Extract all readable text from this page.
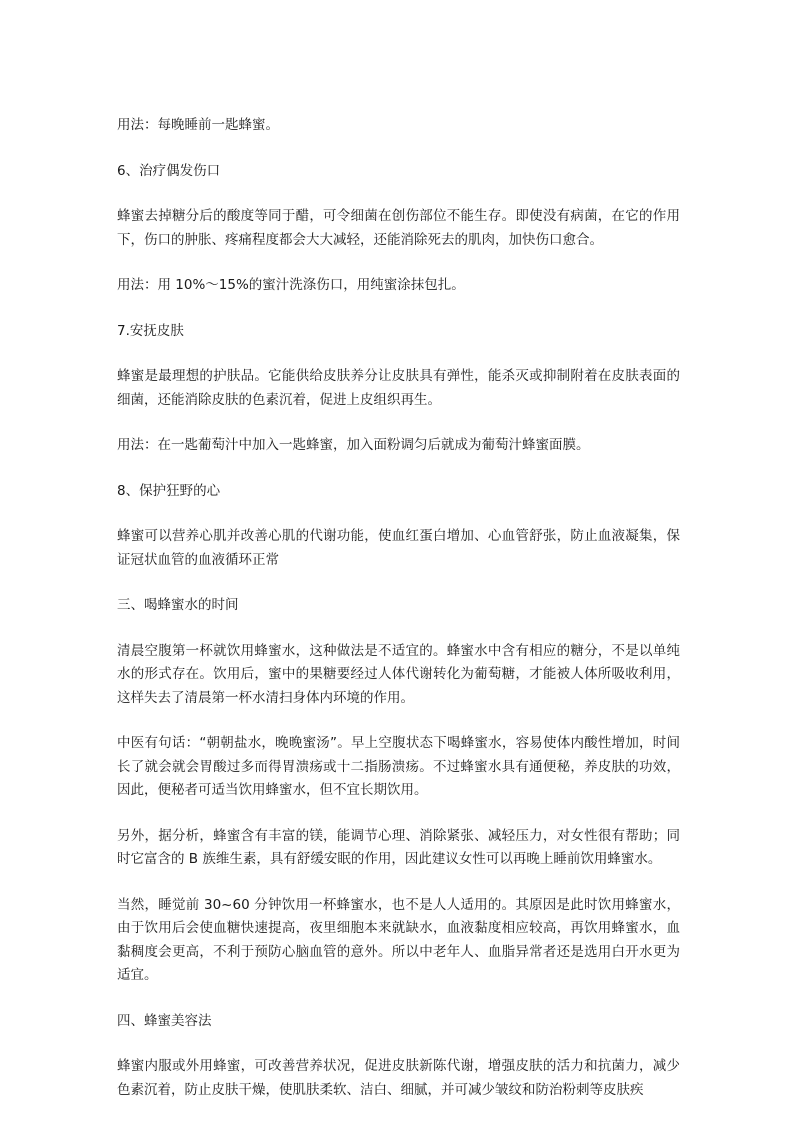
用法：每晚睡前一匙蜂蜜。

6、治疗偶发伤口

蜂蜜去掉糖分后的酸度等同于醋，可令细菌在创伤部位不能生存。即使没有病菌，在它的作用下，伤口的肿胀、疼痛程度都会大大减轻，还能消除死去的肌肉，加快伤口愈合。

用法：用 10%～15%的蜜汁洗涤伤口，用纯蜜涂抹包扎。

7.安抚皮肤

蜂蜜是最理想的护肤品。它能供给皮肤养分让皮肤具有弹性，能杀灭或抑制附着在皮肤表面的细菌，还能消除皮肤的色素沉着，促进上皮组织再生。

用法：在一匙葡萄汁中加入一匙蜂蜜，加入面粉调匀后就成为葡萄汁蜂蜜面膜。

8、保护狂野的心

蜂蜜可以营养心肌并改善心肌的代谢功能，使血红蛋白增加、心血管舒张，防止血液凝集，保证冠状血管的血液循环正常

三、喝蜂蜜水的时间

清晨空腹第一杯就饮用蜂蜜水，这种做法是不适宜的。蜂蜜水中含有相应的糖分，不是以单纯水的形式存在。饮用后，蜜中的果糖要经过人体代谢转化为葡萄糖，才能被人体所吸收利用，这样失去了清晨第一杯水清扫身体内环境的作用。

中医有句话：“朝朝盐水，晚晚蜜汤”。早上空腹状态下喝蜂蜜水，容易使体内酸性增加，时间长了就会就会胃酸过多而得胃溃疡或十二指肠溃疡。不过蜂蜜水具有通便秘，养皮肤的功效，因此，便秘者可适当饮用蜂蜜水，但不宜长期饮用。

另外，据分析，蜂蜜含有丰富的镁，能调节心理、消除紧张、减轻压力，对女性很有帮助；同时它富含的 B 族维生素，具有舒缓安眠的作用，因此建议女性可以再晚上睡前饮用蜂蜜水。

当然，睡觉前 30~60 分钟饮用一杯蜂蜜水，也不是人人适用的。其原因是此时饮用蜂蜜水，由于饮用后会使血糖快速提高，夜里细胞本来就缺水，血液黏度相应较高，再饮用蜂蜜水，血黏稠度会更高，不利于预防心脑血管的意外。所以中老年人、血脂异常者还是选用白开水更为适宜。

四、蜂蜜美容法

蜂蜜内服或外用蜂蜜，可改善营养状况，促进皮肤新陈代谢，增强皮肤的活力和抗菌力，减少色素沉着，防止皮肤干燥，使肌肤柔软、洁白、细腻，并可减少皱纹和防治粉刺等皮肤疾
